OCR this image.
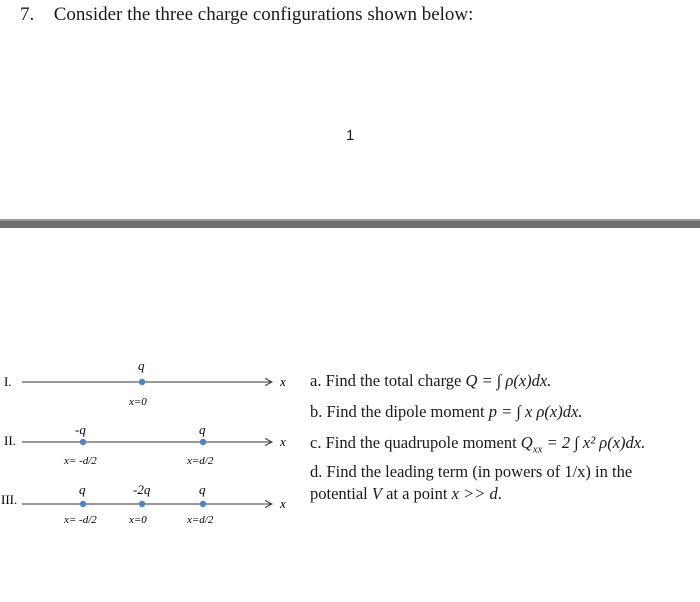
7. Consider the three charge configurations shown below:
1
I.	x
q
x=0
II.	x
-q
x= -d/2
q
x=d/2
III.	x
q
x= -d/2
-2q
x=0
q
x=d/2
a. Find the total charge Q = ∫ ρ(x)dx.
b. Find the dipole moment p = ∫ x ρ(x)dx.
c. Find the quadrupole moment $Q_{xx} = 2$ ∫ x² ρ(x)dx.
d. Find the leading term (in powers of 1/x) in the
potential V at a point x >> d.
